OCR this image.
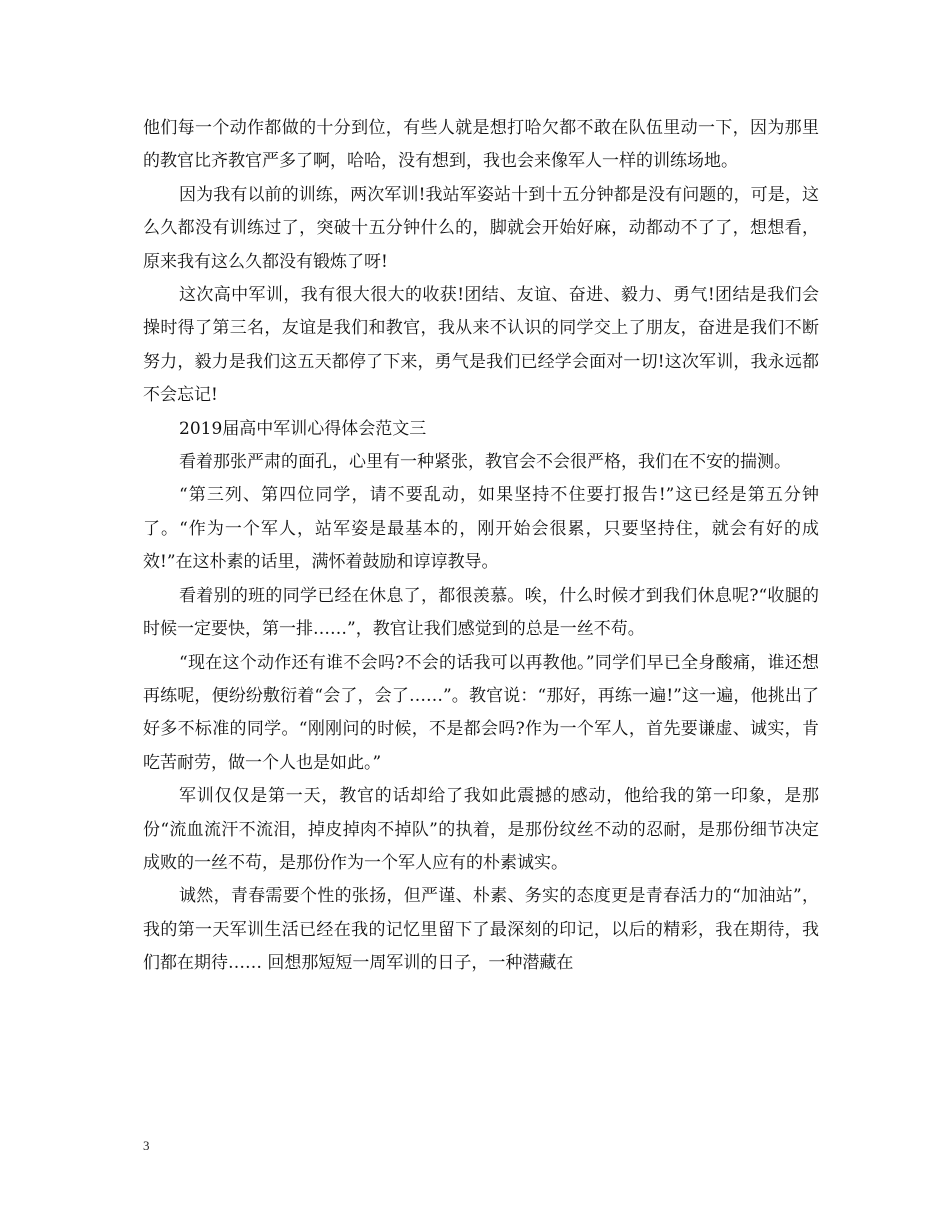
他们每一个动作都做的十分到位，有些人就是想打哈欠都不敢在队伍里动一下，因为那里的教官比齐教官严多了啊，哈哈，没有想到，我也会来像军人一样的训练场地。

因为我有以前的训练，两次军训!我站军姿站十到十五分钟都是没有问题的，可是，这么久都没有训练过了，突破十五分钟什么的，脚就会开始好麻，动都动不了了，想想看，原来我有这么久都没有锻炼了呀!

这次高中军训，我有很大很大的收获!团结、友谊、奋进、毅力、勇气!团结是我们会操时得了第三名，友谊是我们和教官，我从来不认识的同学交上了朋友，奋进是我们不断努力，毅力是我们这五天都停了下来，勇气是我们已经学会面对一切!这次军训，我永远都不会忘记!

2019届高中军训心得体会范文三

看着那张严肃的面孔，心里有一种紧张，教官会不会很严格，我们在不安的揣测。

“第三列、第四位同学，请不要乱动，如果坚持不住要打报告!”这已经是第五分钟了。“作为一个军人，站军姿是最基本的，刚开始会很累，只要坚持住，就会有好的成效!”在这朴素的话里，满怀着鼓励和谆谆教导。

看着别的班的同学已经在休息了，都很羡慕。唉，什么时候才到我们休息呢?“收腿的时候一定要快，第一排……”，教官让我们感觉到的总是一丝不苟。

“现在这个动作还有谁不会吗?不会的话我可以再教他。”同学们早已全身酸痛，谁还想再练呢，便纷纷敷衍着“会了，会了……”。教官说：“那好，再练一遍!”这一遍，他挑出了好多不标准的同学。“刚刚问的时候，不是都会吗?作为一个军人，首先要谦虚、诚实，肯吃苦耐劳，做一个人也是如此。”

军训仅仅是第一天，教官的话却给了我如此震撼的感动，他给我的第一印象，是那份“流血流汗不流泪，掉皮掉肉不掉队”的执着，是那份纹丝不动的忍耐，是那份细节决定成败的一丝不苟，是那份作为一个军人应有的朴素诚实。

诚然，青春需要个性的张扬，但严谨、朴素、务实的态度更是青春活力的“加油站”，我的第一天军训生活已经在我的记忆里留下了最深刻的印记，以后的精彩，我在期待，我们都在期待…… 回想那短短一周军训的日子，一种潜藏在

3
